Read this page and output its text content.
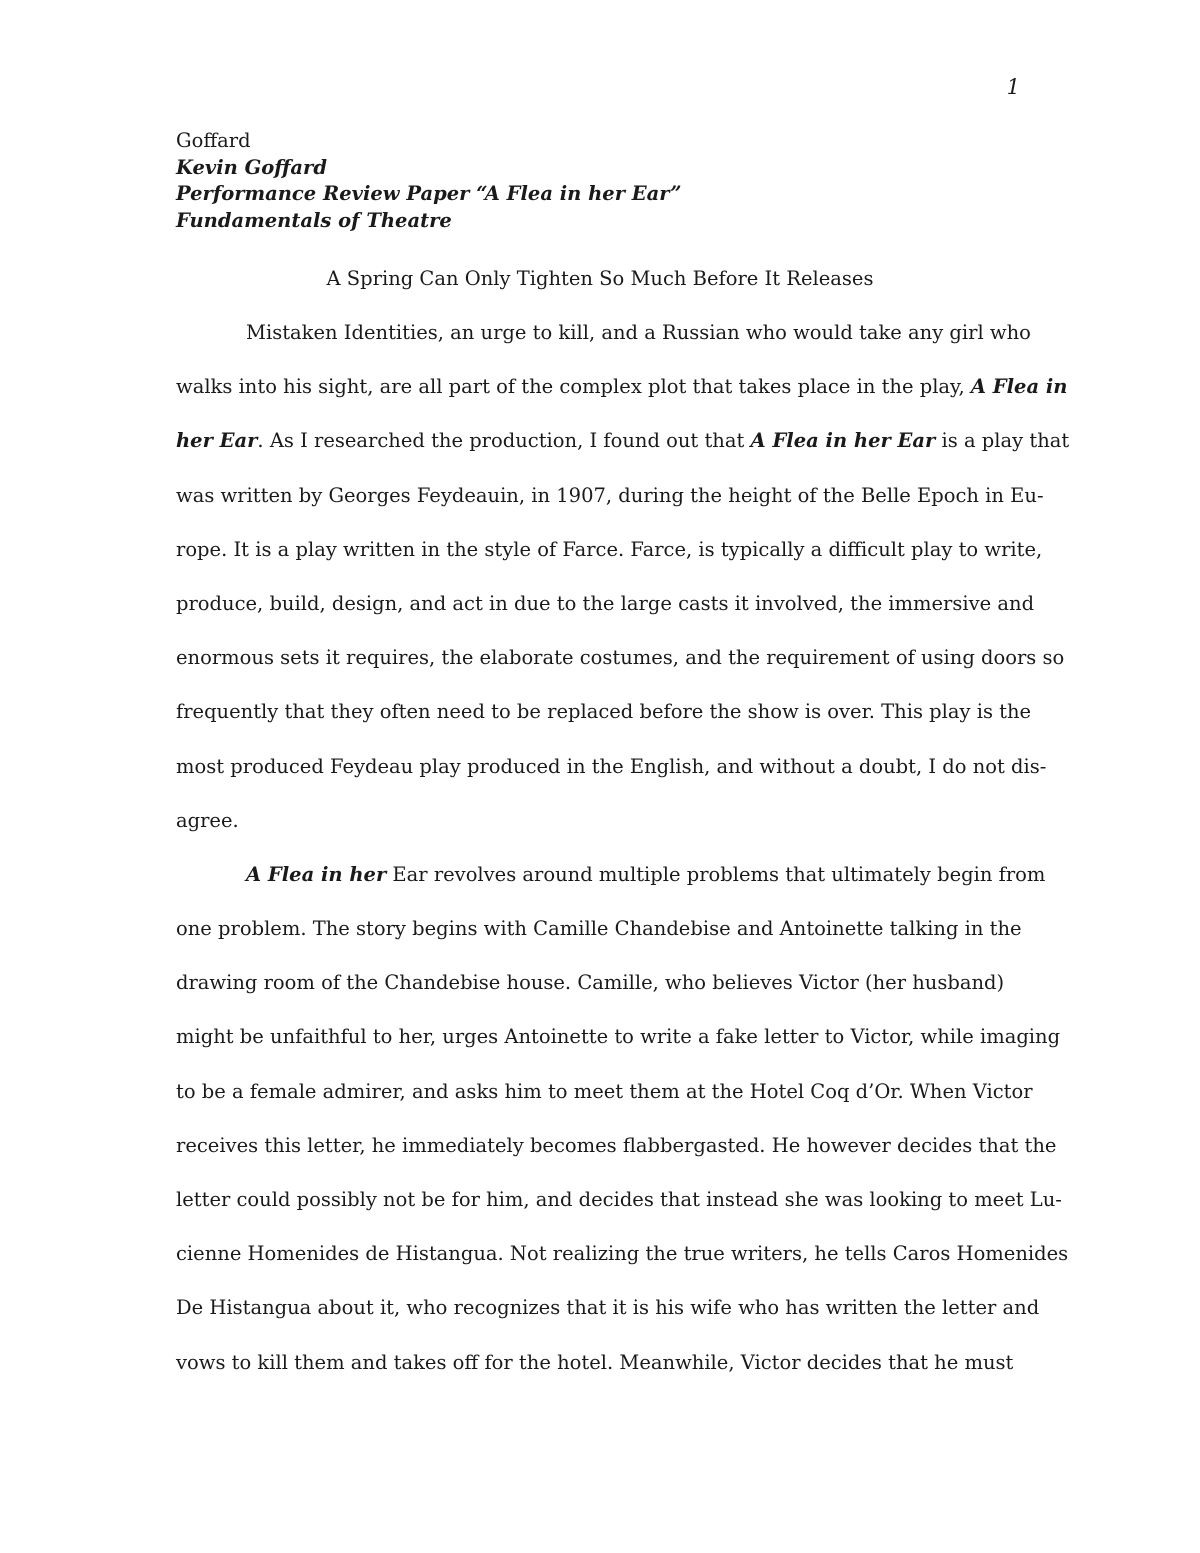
1
Goffard
Kevin Goffard
Performance Review Paper “A Flea in her Ear”
Fundamentals of Theatre
A Spring Can Only Tighten So Much Before It Releases
Mistaken Identities, an urge to kill, and a Russian who would take any girl who
walks into his sight, are all part of the complex plot that takes place in the play, A Flea in
her Ear. As I researched the production, I found out that A Flea in her Ear is a play that
was written by Georges Feydeauin, in 1907, during the height of the Belle Epoch in Eu-
rope. It is a play written in the style of Farce. Farce, is typically a difficult play to write,
produce, build, design, and act in due to the large casts it involved, the immersive and
enormous sets it requires, the elaborate costumes, and the requirement of using doors so
frequently that they often need to be replaced before the show is over. This play is the
most produced Feydeau play produced in the English, and without a doubt, I do not dis-
agree.
A Flea in her Ear revolves around multiple problems that ultimately begin from
one problem. The story begins with Camille Chandebise and Antoinette talking in the
drawing room of the Chandebise house. Camille, who believes Victor (her husband)
might be unfaithful to her, urges Antoinette to write a fake letter to Victor, while imaging
to be a female admirer, and asks him to meet them at the Hotel Coq d’Or. When Victor
receives this letter, he immediately becomes flabbergasted. He however decides that the
letter could possibly not be for him, and decides that instead she was looking to meet Lu-
cienne Homenides de Histangua. Not realizing the true writers, he tells Caros Homenides
De Histangua about it, who recognizes that it is his wife who has written the letter and
vows to kill them and takes off for the hotel. Meanwhile, Victor decides that he must
